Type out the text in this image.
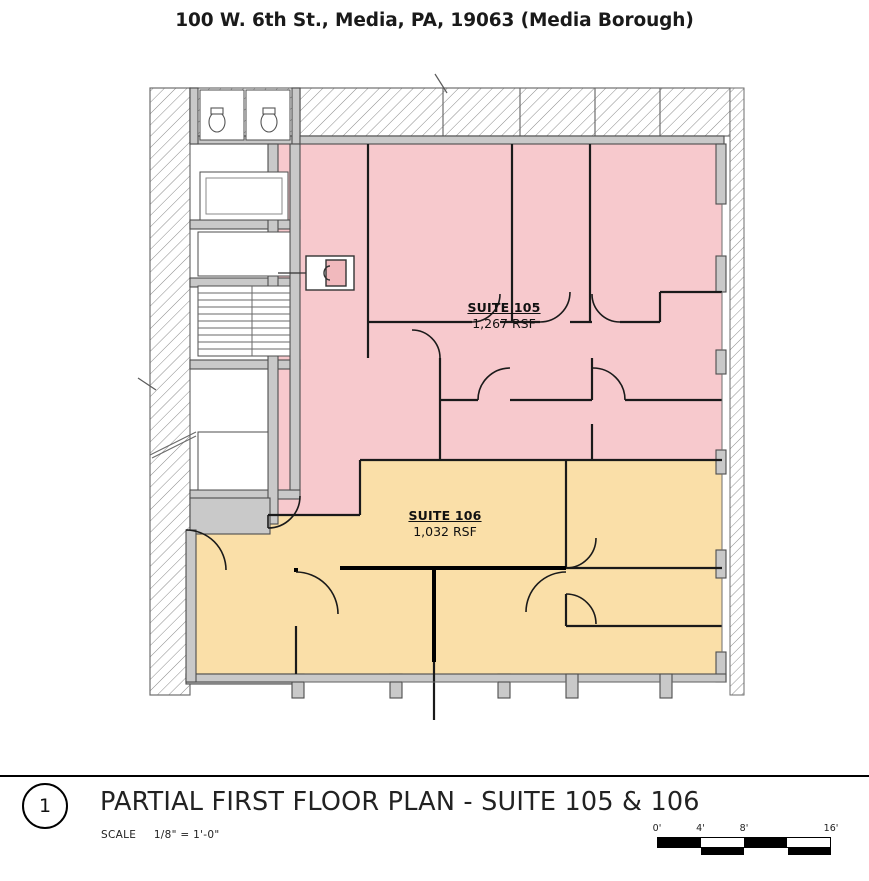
100 W. 6th St., Media, PA, 19063 (Media Borough)
SUITE 105
1,267 RSF
SUITE 106
1,032 RSF
1	PARTIAL FIRST FLOOR PLAN - SUITE 105 & 106
SCALE 1/8" = 1'-0"
0'	4'	8'	16'
